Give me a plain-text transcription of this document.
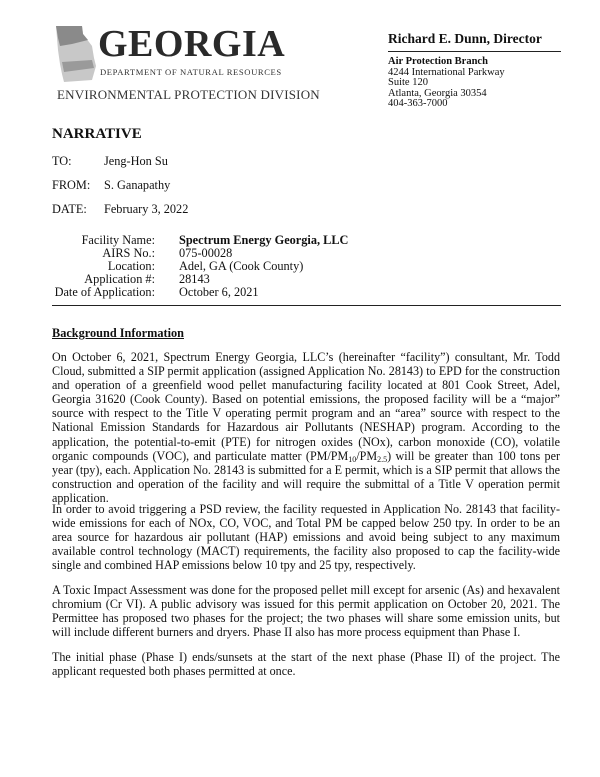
GEORGIA
DEPARTMENT OF NATURAL RESOURCES
ENVIRONMENTAL PROTECTION DIVISION
Richard E. Dunn, Director
Air Protection Branch
4244 International Parkway
Suite 120
Atlanta, Georgia 30354
404-363-7000
NARRATIVE
TO:	Jeng-Hon Su
FROM: S. Ganapathy
DATE: February 3, 2022
Facility Name:
AIRS No.:
Location:
Application #:
Date of Application:
Spectrum Energy Georgia, LLC
075-00028
Adel, GA (Cook County)
28143
October 6, 2021
Background Information

On October 6, 2021, Spectrum Energy Georgia, LLC’s (hereinafter “facility”) consultant, Mr. Todd Cloud, submitted a SIP permit application (assigned Application No. 28143) to EPD for the construction and operation of a greenfield wood pellet manufacturing facility located at 801 Cook Street, Adel, Georgia 31620 (Cook County). Based on potential emissions, the proposed facility will be a “major” source with respect to the Title V operating permit program and an “area” source with respect to the National Emission Standards for Hazardous air Pollutants (NESHAP) program. According to the application, the potential-to-emit (PTE) for nitrogen oxides (NOx), carbon monoxide (CO), volatile organic compounds (VOC), and particulate matter $(PM/PM_{10}/PM_{2.5})$ will be greater than 100 tons per year (tpy), each. Application No. 28143 is submitted for a E permit, which is a SIP permit that allows the construction and operation of the facility and will require the submittal of a Title V operation permit application.

In order to avoid triggering a PSD review, the facility requested in Application No. 28143 that facility-wide emissions for each of NOx, CO, VOC, and Total PM be capped below 250 tpy. In order to be an area source for hazardous air pollutant (HAP) emissions and avoid being subject to any maximum available control technology (MACT) requirements, the facility also proposed to cap the facility-wide single and combined HAP emissions below 10 tpy and 25 tpy, respectively.

A Toxic Impact Assessment was done for the proposed pellet mill except for arsenic (As) and hexavalent chromium (Cr VI). A public advisory was issued for this permit application on October 20, 2021. The Permittee has proposed two phases for the project; the two phases will share some emission units, but will include different burners and dryers. Phase II also has more process equipment than Phase I.

The initial phase (Phase I) ends/sunsets at the start of the next phase (Phase II) of the project. The applicant requested both phases permitted at once.
